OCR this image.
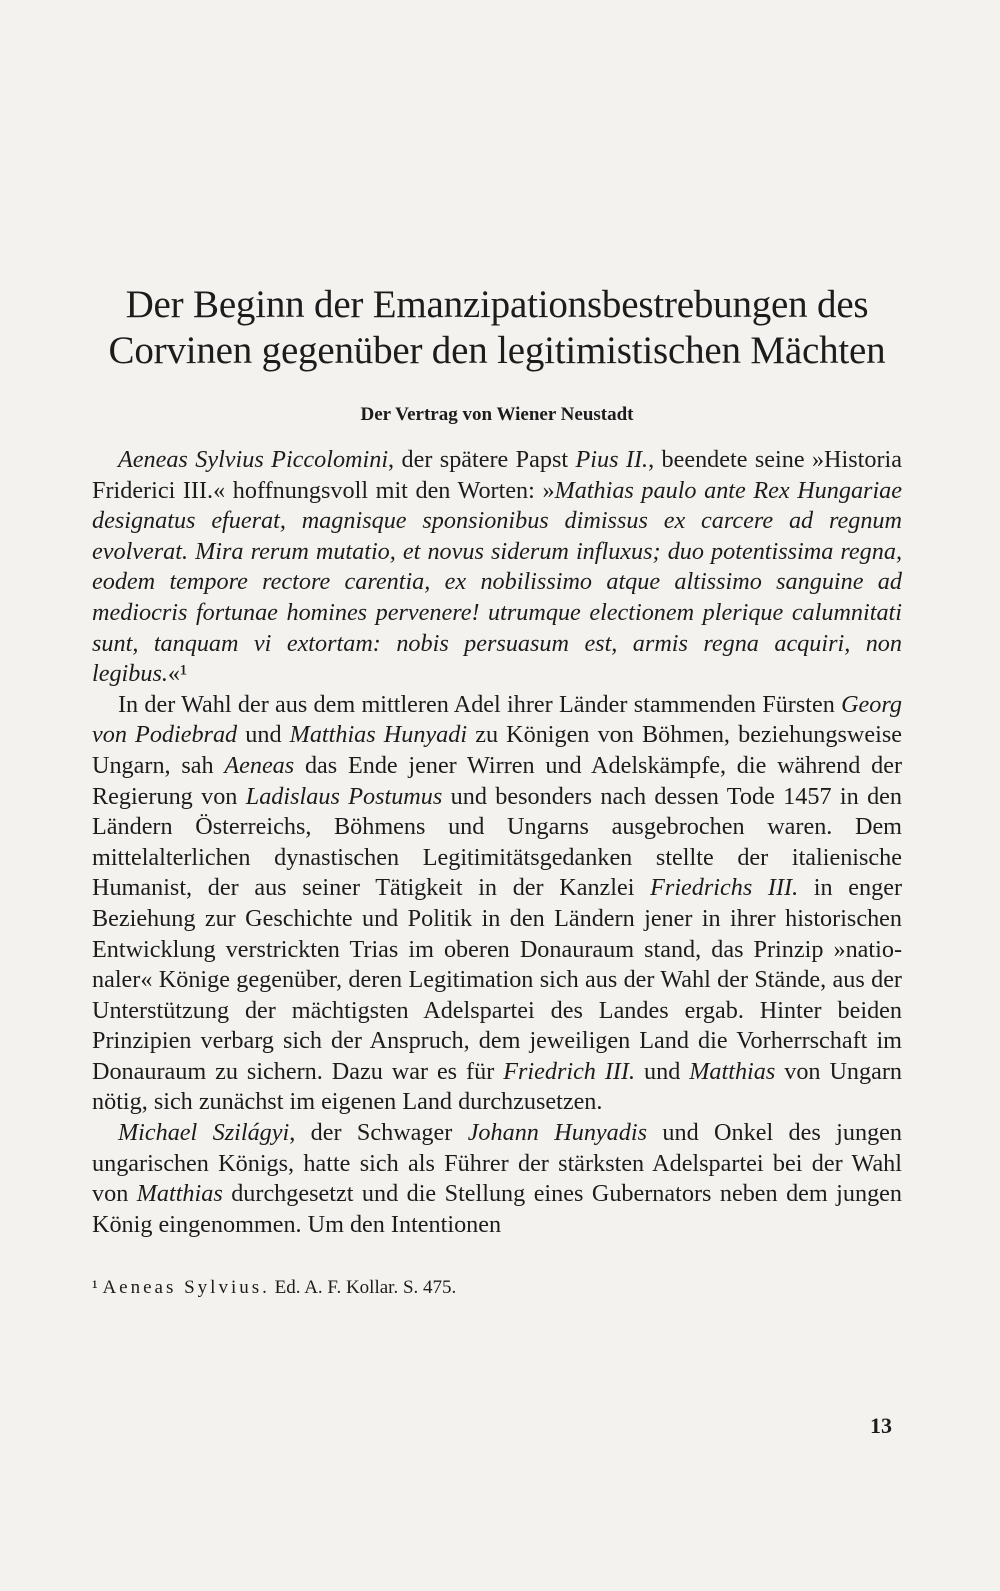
Der Beginn der Emanzipationsbestrebungen des
Corvinen gegenüber den legitimistischen Mächten
Der Vertrag von Wiener Neustadt

Aeneas Sylvius Piccolomini, der spätere Papst Pius II., beendete seine »Historia Friderici III.« hoffnungsvoll mit den Worten: »Mathias paulo ante Rex Hungariae designatus efuerat, magnisque sponsionibus dimissus ex carcere ad regnum evolverat. Mira rerum mutatio, et novus siderum influxus; duo potentissima regna, eodem tempore rectore carentia, ex nobilissimo atque altissimo sanguine ad mediocris fortunae homines pervenere! utrumque electionem plerique calumnitati sunt, tanquam vi extortam: nobis persuasum est, armis regna acquiri, non legibus.«¹

In der Wahl der aus dem mittleren Adel ihrer Länder stammenden Fürsten Georg von Podiebrad und Matthias Hunyadi zu Königen von Böhmen, beziehungsweise Ungarn, sah Aeneas das Ende jener Wirren und Adelskämpfe, die während der Regierung von Ladislaus Postumus und besonders nach dessen Tode 1457 in den Ländern Österreichs, Böhmens und Ungarns ausgebrochen waren. Dem mittelalterlichen dynastischen Legitimitätsgedanken stellte der italienische Humanist, der aus seiner Tätigkeit in der Kanzlei Friedrichs III. in enger Beziehung zur Geschichte und Politik in den Ländern jener in ihrer historischen Entwicklung verstrickten Trias im oberen Donauraum stand, das Prinzip »nationaler« Könige gegenüber, deren Legitimation sich aus der Wahl der Stände, aus der Unterstützung der mächtigsten Adelspartei des Landes ergab. Hinter beiden Prinzipien verbarg sich der Anspruch, dem jeweiligen Land die Vorherrschaft im Donauraum zu sichern. Dazu war es für Friedrich III. und Matthias von Ungarn nötig, sich zunächst im eigenen Land durchzusetzen.

Michael Szilágyi, der Schwager Johann Hunyadis und Onkel des jungen ungarischen Königs, hatte sich als Führer der stärksten Adelspartei bei der Wahl von Matthias durchgesetzt und die Stellung eines Gubernators neben dem jungen König eingenommen. Um den Intentionen

¹ Aeneas Sylvius. Ed. A. F. Kollar. S. 475.
13
